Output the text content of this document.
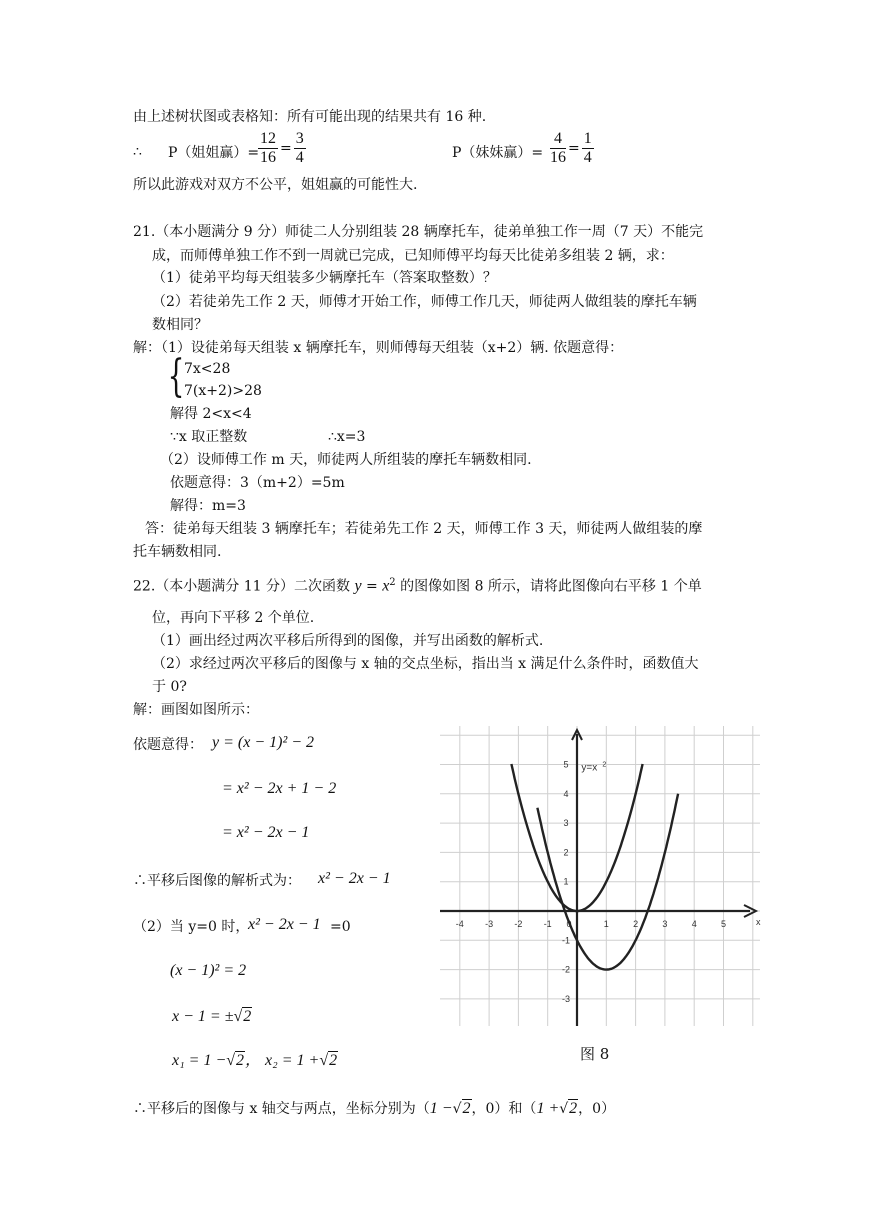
由上述树状图或表格知：所有可能出现的结果共有 16 种.
∴ P（姐姐赢）=
$\frac{12}{16} = \frac{3}{4}$	P（妹妹赢）= $\frac{4}{16} = \frac{1}{4}$
所以此游戏对双方不公平，姐姐赢的可能性大.
21.（本小题满分 9 分）师徒二人分别组装 28 辆摩托车，徒弟单独工作一周（7 天）不能完
成，而师傅单独工作不到一周就已完成，已知师傅平均每天比徒弟多组装 2 辆，求：
（1）徒弟平均每天组装多少辆摩托车（答案取整数）？
（2）若徒弟先工作 2 天，师傅才开始工作，师傅工作几天，师徒两人做组装的摩托车辆
数相同？
解：（1）设徒弟每天组装 x 辆摩托车，则师傅每天组装（x+2）辆. 依题意得：
{ 7x<28
7(x+2)>28
解得 2<x<4
∵x 取正整数	∴x=3
（2）设师傅工作 m 天，师徒两人所组装的摩托车辆数相同.
依题意得：3（m+2）=5m
解得：m=3
答：徒弟每天组装 3 辆摩托车；若徒弟先工作 2 天，师傅工作 3 天，师徒两人做组装的摩
托车辆数相同.
22.（本小题满分 11 分）二次函数 $y = x^2$ 的图像如图 8 所示，请将此图像向右平移 1 个单
位，再向下平移 2 个单位.
（1）画出经过两次平移后所得到的图像，并写出函数的解析式.
（2）求经过两次平移后的图像与 x 轴的交点坐标，指出当 x 满足什么条件时，函数值大
于 0?
解：画图如图所示：
依题意得： y = (x − 1)² − 2
= x² − 2x + 1 − 2
= x² − 2x − 1
∴平移后图像的解析式为： x² − 2x − 1
（2）当 y=0 时，
x² − 2x − 1 =0
(x − 1)² = 2
x − 1 = ±√2
x₁ = 1 −√2， x₂ = 1 +√2
∴平移后的图像与 x 轴交与两点，坐标分别为（1 −√2，0）和（1 +√2，0）
-4 -3 -2 -1 0	1	2	3	4	5
5
4
3
2
1
-1
-2
-3
x
y=x 2
图 8
